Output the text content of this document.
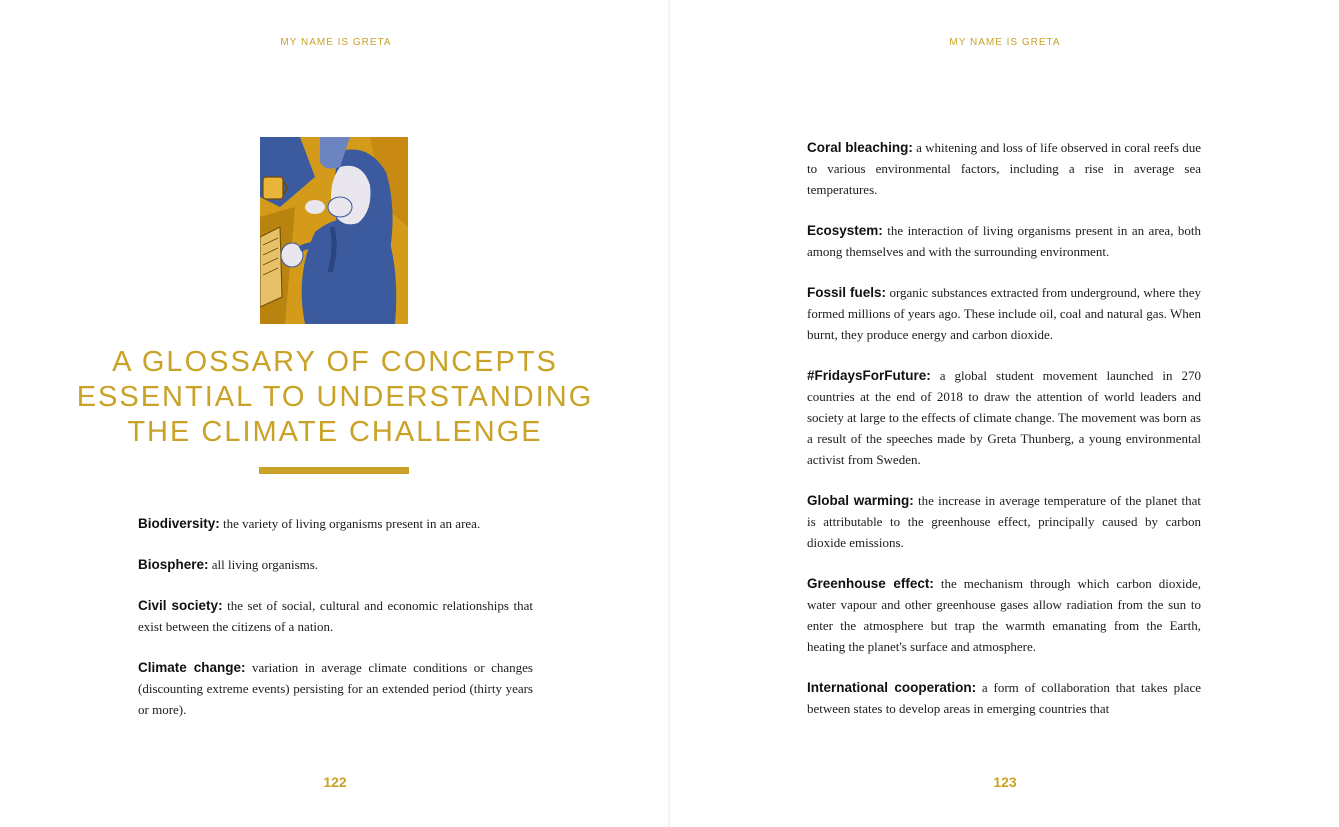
MY NAME IS GRETA
A GLOSSARY OF CONCEPTS
ESSENTIAL TO UNDERSTANDING
THE CLIMATE CHALLENGE

Biodiversity: the variety of living organisms present in an area.

Biosphere: all living organisms.

Civil society: the set of social, cultural and economic relationships that exist between the citizens of a nation.

Climate change: variation in average climate conditions or changes (discounting extreme events) persisting for an extended period (thirty years or more).

122
MY NAME IS GRETA

Coral bleaching: a whitening and loss of life observed in coral reefs due to various environmental factors, including a rise in average sea temperatures.

Ecosystem: the interaction of living organisms present in an area, both among themselves and with the surrounding environment.

Fossil fuels: organic substances extracted from underground, where they formed millions of years ago. These include oil, coal and natural gas. When burnt, they produce energy and carbon dioxide.

#FridaysForFuture: a global student movement launched in 270 countries at the end of 2018 to draw the attention of world leaders and society at large to the effects of climate change. The movement was born as a result of the speeches made by Greta Thunberg, a young environmental activist from Sweden.

Global warming: the increase in average temperature of the planet that is attributable to the greenhouse effect, principally caused by carbon dioxide emissions.

Greenhouse effect: the mechanism through which carbon dioxide, water vapour and other greenhouse gases allow radiation from the sun to enter the atmosphere but trap the warmth emanating from the Earth, heating the planet's surface and atmosphere.

International cooperation: a form of collaboration that takes place between states to develop areas in emerging countries that

123
